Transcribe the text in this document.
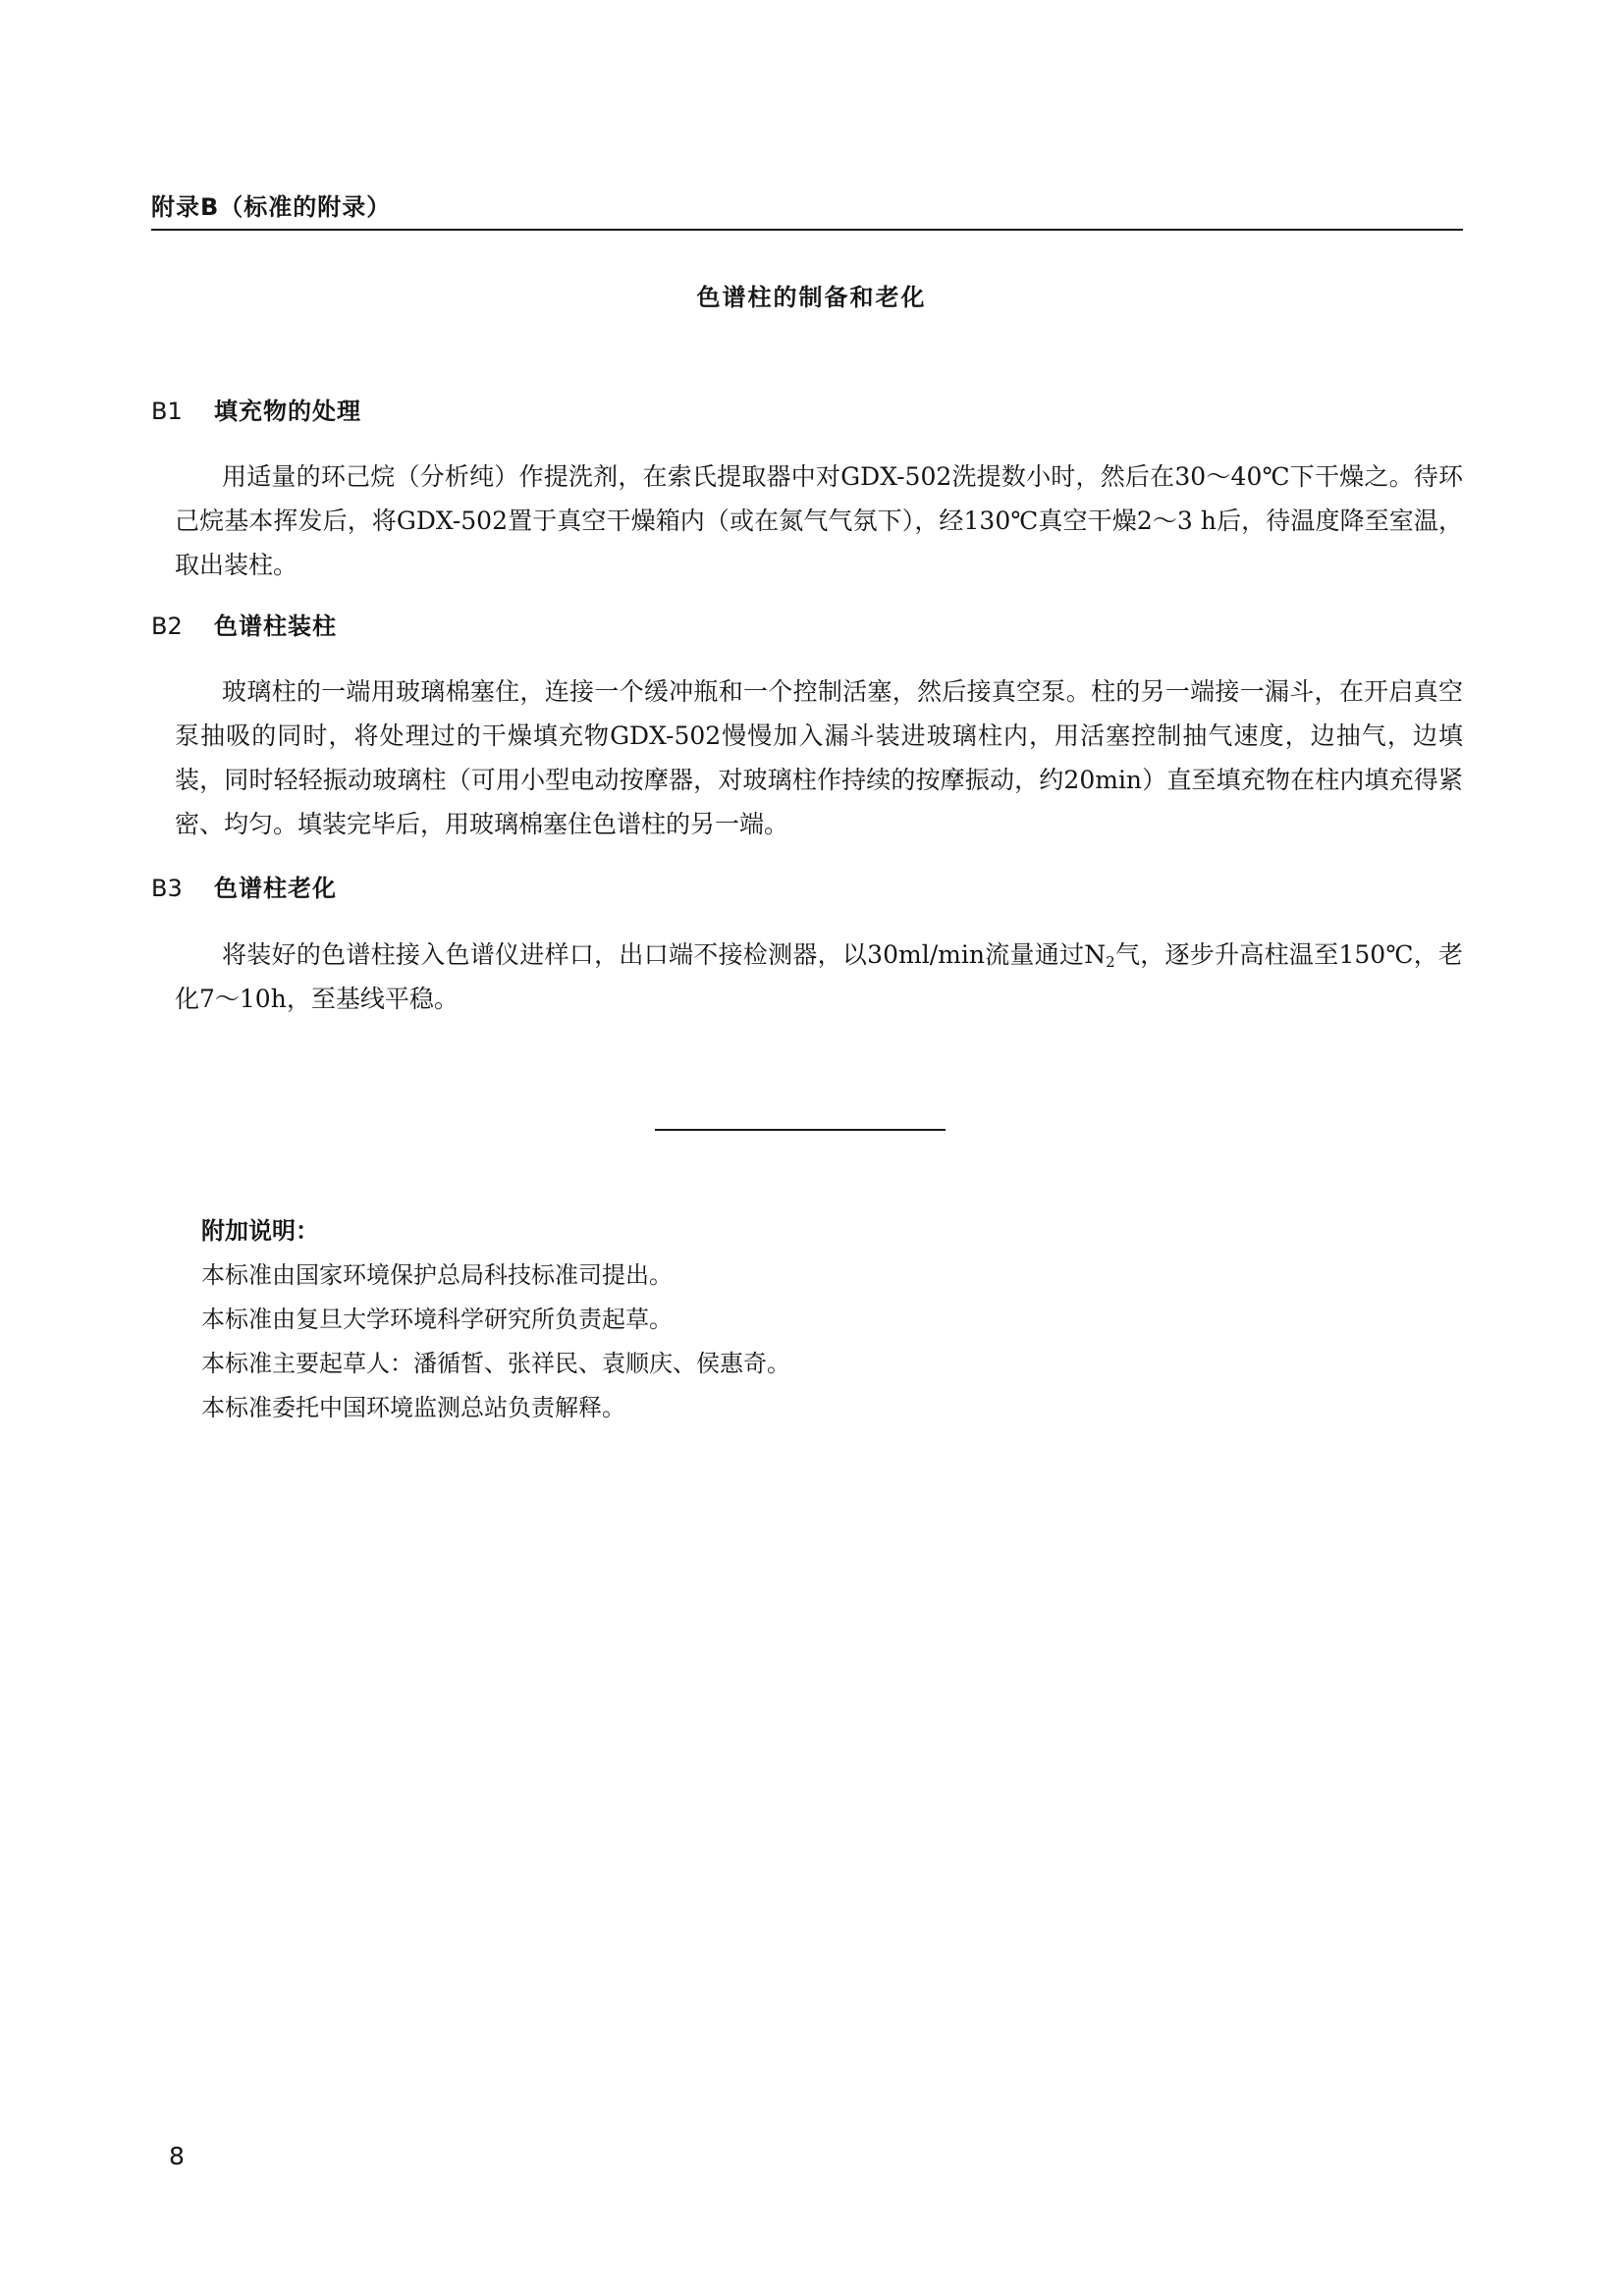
附录B（标准的附录）
色谱柱的制备和老化
B1 填充物的处理

用适量的环己烷（分析纯）作提洗剂，在索氏提取器中对GDX-502洗提数小时，然后在30～40℃下干燥之。待环己烷基本挥发后，将GDX-502置于真空干燥箱内（或在氮气气氛下），经130℃真空干燥2～3 h后，待温度降至室温，取出装柱。

B2 色谱柱装柱

玻璃柱的一端用玻璃棉塞住，连接一个缓冲瓶和一个控制活塞，然后接真空泵。柱的另一端接一漏斗，在开启真空泵抽吸的同时，将处理过的干燥填充物GDX-502慢慢加入漏斗装进玻璃柱内，用活塞控制抽气速度，边抽气，边填装，同时轻轻振动玻璃柱（可用小型电动按摩器，对玻璃柱作持续的按摩振动，约20min）直至填充物在柱内填充得紧密、均匀。填装完毕后，用玻璃棉塞住色谱柱的另一端。

B3 色谱柱老化

将装好的色谱柱接入色谱仪进样口，出口端不接检测器，以30ml/min流量通过$N_2$气，逐步升高柱温至150℃，老化7～10h，至基线平稳。

附加说明：
本标准由国家环境保护总局科技标准司提出。
本标准由复旦大学环境科学研究所负责起草。
本标准主要起草人：潘循皙、张祥民、袁顺庆、侯惠奇。
本标准委托中国环境监测总站负责解释。
8
